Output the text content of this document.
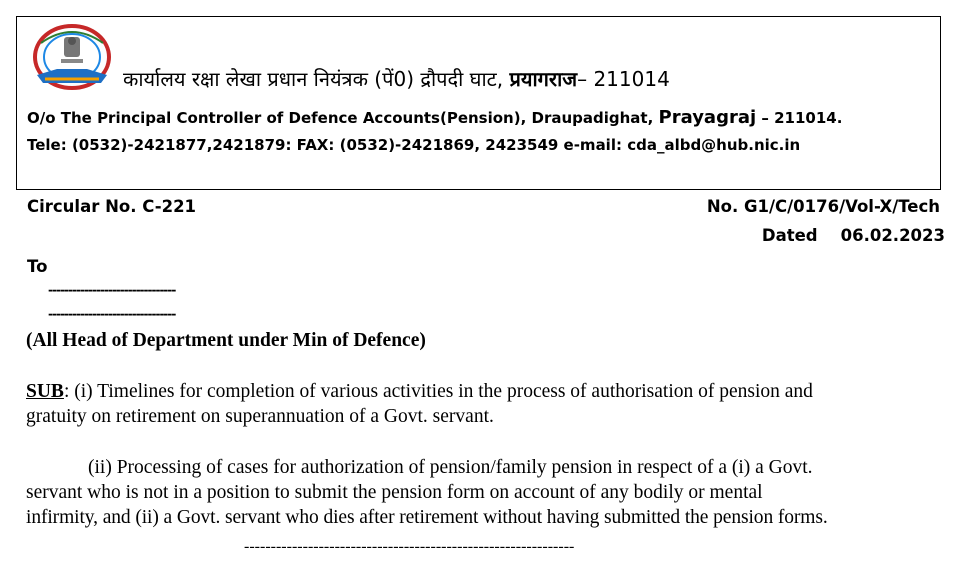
कार्यालय रक्षा लेखा प्रधान नियंत्रक (पें0) द्रौपदी घाट, प्रयागराज– 211014
O/o The Principal Controller of Defence Accounts(Pension), Draupadighat, Prayagraj – 211014.
Tele: (0532)-2421877,2421879: FAX: (0532)-2421869, 2423549 e-mail: cda_albd@hub.nic.in
Circular No. C-221	No. G1/C/0176/Vol-X/Tech
Dated 06.02.2023
To
--------------------------------
--------------------------------
(All Head of Department under Min of Defence)
SUB: (i) Timelines for completion of various activities in the process of authorisation of pension and
gratuity on retirement on superannuation of a Govt. servant.
(ii) Processing of cases for authorization of pension/family pension in respect of a (i) a Govt.
servant who is not in a position to submit the pension form on account of any bodily or mental
infirmity, and (ii) a Govt. servant who dies after retirement without having submitted the pension forms.
--------------------------------------------------------------
